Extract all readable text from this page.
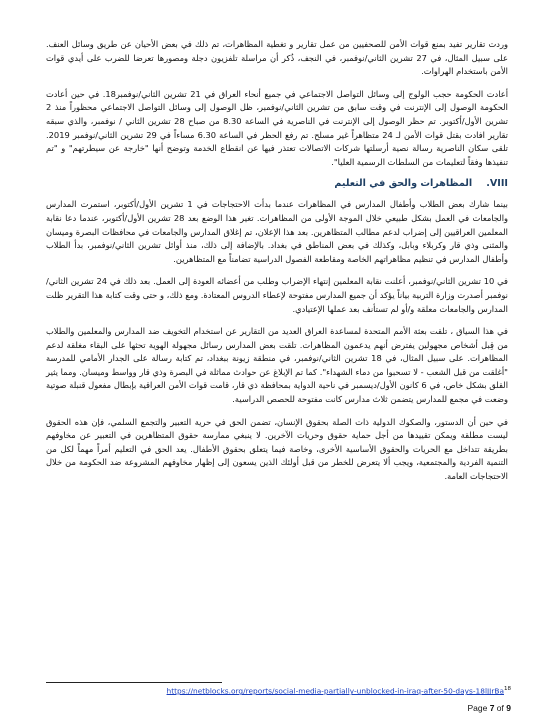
وردت تقارير تفيد بمنع قوات الأمن للصحفيين من عمل تقارير و تغطية المظاهرات، تم ذلك في بعض الأحيان عن طريق وسائل العنف. على سبيل المثال، في 27 تشرين الثاني/نوفمبر، في النجف، ذُكر أن مراسلة تلفزيون دجلة ومصورها تعرضا للضرب على أيدي قوات الأمن باستخدام الهراوات.

أعادت الحكومة حجب الولوج إلى وسائل التواصل الاجتماعي في جميع أنحاء العراق في 21 تشرين الثاني/نوفمبر18. في حين أعادت الحكومة الوصول إلى الإنترنت في وقت سابق من تشرين الثاني/نوفمبر، ظل الوصول إلى وسائل التواصل الاجتماعي محظوراً منذ 2 تشرين الأول/أكتوبر. تم حظر الوصول إلى الإنترنت في الناصرية في الساعة 8.30 من صباح 28 تشرين الثاني / نوفمبر، والذي سبقه تقارير افادت بقتل قوات الأمن لـ 24 متظاهراً غير مسلح. تم رفع الحظر في الساعة 6.30 مساءاً في 29 تشرين الثاني/نوفمبر 2019. تلقى سكان الناصرية رسالة نصية أرسلتها شركات الاتصالات تعتذر فيها عن انقطاع الخدمة وتوضح أنها "خارجة عن سيطرتهم" و "تم تنفيذها وفقاً لتعليمات من السلطات الرسمية العليا".

VIII.
المظاهرات والحق في التعليم

بينما شارك بعض الطلاب وأطفال المدارس في المظاهرات عندما بدأت الاحتجاجات في 1 تشرين الأول/أكتوبر، استمرت المدارس والجامعات في العمل بشكل طبيعي خلال الموجة الأولى من المظاهرات. تغير هذا الوضع بعد 28 تشرين الأول/أكتوبر، عندما دعا نقابة المعلمين العراقيين إلى إضراب لدعم مطالب المتظاهرين. بعد هذا الإعلان، تم إغلاق المدارس والجامعات في محافظات البصرة وميسان والمثنى وذي قار وكربلاء وبابل، وكذلك في بعض المناطق في بغداد. بالإضافة إلى ذلك، منذ أوائل تشرين الثاني/نوفمبر، بدأ الطلاب وأطفال المدارس في تنظيم مظاهراتهم الخاصة ومقاطعة الفصول الدراسية تضامناً مع المتظاهرين.

في 10 تشرين الثاني/نوفمبر، أعلنت نقابة المعلمين إنتهاء الإضراب وطلب من أعضائه العودة إلى العمل. بعد ذلك في 24 تشرين الثاني/نوفمبر أصدرت وزارة التربية بياناً يؤكد أن جميع المدارس مفتوحة لإعطاء الدروس المعتادة. ومع ذلك، و حتى وقت كتابة هذا التقرير ظلت المدارس والجامعات معلقة و/أو لم تستأنف بعد عملها الإعتيادي.

في هذا السياق ، تلقت بعثة الأمم المتحدة لمساعدة العراق العديد من التقارير عن استخدام التخويف ضد المدارس والمعلمين والطلاب من قِبل أشخاص مجهولين يفترض أنهم يدعمون المظاهرات. تلقت بعض المدارس رسائل مجهولة الهوية تحثها على البقاء مغلقة لدعم المظاهرات. على سبيل المثال، في 18 تشرين الثاني/نوفمبر، في منطقة زيونة ببغداد، تم كتابة رسالة على الجدار الأمامي للمدرسة "أغلقت من قبل الشعب - لا تسحبوا من دماء الشهداء". كما تم الإبلاغ عن حوادث مماثلة في البصرة وذي قار وواسط وميسان. ومما يثير القلق بشكل خاص، في 6 كانون الأول/ديسمبر في ناحية الدواية بمحافظة ذي قار، قامت قوات الأمن العراقية بإبطال مفعول قنبلة صوتية وضعت في مجمع للمدارس يتضمن ثلاث مدارس كانت مفتوحة للحصص الدراسية.

في حين أن الدستور، والصكوك الدولية ذات الصلة بحقوق الإنسان، تضمن الحق في حرية التعبير والتجمع السلمي، فإن هذه الحقوق ليست مطلقة ويمكن تقييدها من أجل حماية حقوق وحريات الآخرين. لا ينبغي ممارسة حقوق المتظاهرين في التعبير عن مخاوفهم بطريقة تتداخل مع الحريات والحقوق الأساسية الأخرى، وخاصة فيما يتعلق بحقوق الأطفال. يعد الحق في التعليم أمراً مهماً لكل من التنمية الفردية والمجتمعية، ويجب ألا يتعرض للخطر من قبل أولئك الذين يسعون إلى إظهار مخاوفهم المشروعة ضد الحكومة من خلال الاحتجاجات العامة.

https://netblocks.org/reports/social-media-partially-unblocked-in-iraq-after-50-days-18lJJrBa$^{18}$
Page 7 of 9
